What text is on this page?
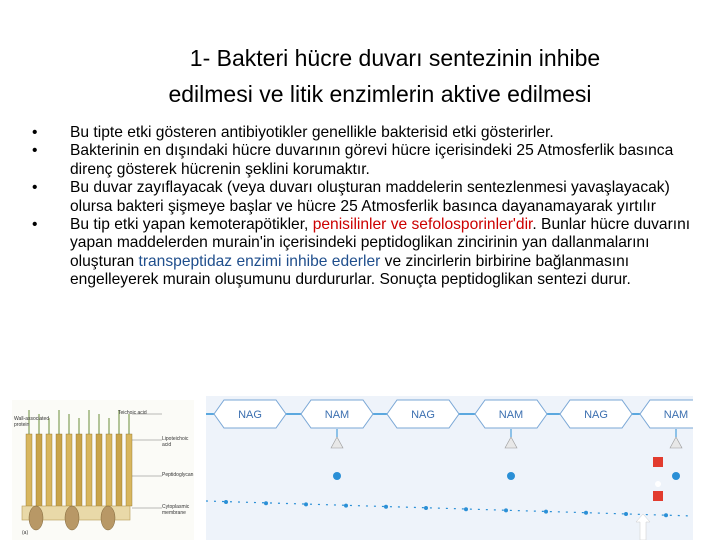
1- Bakteri hücre duvarı sentezinin inhibe
edilmesi ve litik enzimlerin aktive edilmesi
•	Bu tipte etki gösteren antibiyotikler genellikle bakterisid etki gösterirler.
•	Bakterinin en dışındaki hücre duvarının görevi hücre içerisindeki 25 Atmosferlik basınca direnç gösterek hücrenin şeklini korumaktır.
•	Bu duvar zayıflayacak (veya duvarı oluşturan maddelerin sentezlenmesi yavaşlayacak) olursa bakteri şişmeye başlar ve hücre 25 Atmosferlik basınca dayanamayarak yırtılır
•	Bu tip etki yapan kemoterapötikler, penisilinler ve sefolosporinler'dir. Bunlar hücre duvarını yapan maddelerden murain'in içerisindeki peptidoglikan zincirinin yan dallanmalarını oluşturan transpeptidaz enzimi inhibe ederler ve zincirlerin birbirine bağlanmasını engelleyerek murain oluşumunu durdururlar. Sonuçta peptidoglikan sentezi durur.
Wall-associated protein
Teichoic acid
Lipoteichoic acid
Peptidoglycan
Cytoplasmic membrane
(a)
NAG	NAM	NAG	NAM	NAG	NAM
